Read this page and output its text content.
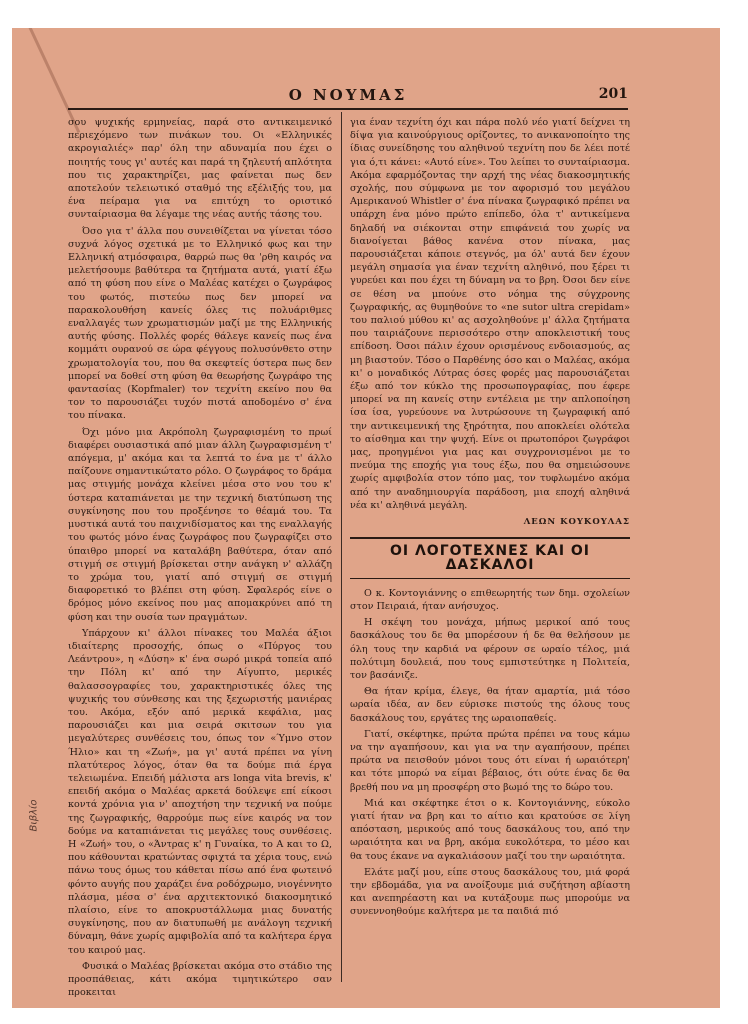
Ο ΝΟΥΜΑΣ	201

σου ψυχικής ερμηνείας, παρά στο αντικειμενικό περιεχόμενο των πινάκων του. Οι «Ελληνικές ακρογιαλιές» παρ' όλη την αδυναμία που έχει ο ποιητής τους γι' αυτές και παρά τη ζηλευτή απλότητα που τις χαρακτηρίζει, μας φαίνεται πως δεν αποτελούν τελειωτικό σταθμό της εξέλιξής του, μα ένα πείραμα για να επιτύχη το οριστικό συνταίριασμα θα λέγαμε της νέας αυτής τάσης του.

Όσο για τ' άλλα που συνειθίζεται να γίνεται τόσο συχνά λόγος σχετικά με το Ελληνικό φως και την Ελληνική ατμόσφαιρα, θαρρώ πως θα 'ρθη καιρός να μελετήσουμε βαθύτερα τα ζητήματα αυτά, γιατί έξω από τη φύση που είνε ο Μαλέας κατέχει ο ζωγράφος του φωτός, πιστεύω πως δεν μπορεί να παρακολουθήση κανείς όλες τις πολυάριθμες εναλλαγές των χρωματισμών μαζί με της Ελληνικής αυτής φύσης. Πολλές φορές θάλεγε κανείς πως ένα κομμάτι ουρανού σε ώρα φέγγους πολυσύνθετο στην χρωματολογία του, που θα σκεφτείς ύστερα πως δεν μπορεί να δοθεί στη φύση θα θεωρήσης ζωγράφο της φαντασίας (Kopfmaler) τον τεχνίτη εκείνο που θα τον το παρουσιάζει τυχόν πιστά αποδομένο σ' ένα του πίνακα.

Όχι μόνο μια Ακρόπολη ζωγραφισμένη το πρωί διαφέρει ουσιαστικά από μιαν άλλη ζωγραφισμένη τ' απόγεμα, μ' ακόμα και τα λεπτά το ένα με τ' άλλο παίζουνε σημαντικώτατο ρόλο. Ο ζωγράφος το δράμα μας στιγμής μονάχα κλείνει μέσα στο νου του κ' ύστερα καταπιάνεται με την τεχνική διατύπωση της συγκίνησης που του προξένησε το θέαμά του. Τα μυστικά αυτά του παιχνιδίσματος και της εναλλαγής του φωτός μόνο ένας ζωγράφος που ζωγραφίζει στο ύπαιθρο μπορεί να καταλάβη βαθύτερα, όταν από στιγμή σε στιγμή βρίσκεται στην ανάγκη ν' αλλάζη το χρώμα του, γιατί από στιγμή σε στιγμή διαφορετικό το βλέπει στη φύση. Σφαλερός είνε ο δρόμος μόνο εκείνος που μας απομακρύνει από τη φύση και την ουσία των πραγμάτων.

Υπάρχουν κι' άλλοι πίνακες του Μαλέα άξιοι ιδιαίτερης προσοχής, όπως ο «Πύργος του Λεάντρου», η «Δύση» κ' ένα σωρό μικρά τοπεία από την Πόλη κι' από την Αίγυπτο, μερικές θαλασσογραφίες του, χαρακτηριστικές όλες της ψυχικής του σύνθεσης και της ξεχωριστής μανιέρας του. Ακόμα, εξόν από μερικά κεφάλια, μας παρουσιάζει και μια σειρά σκιτσων του για μεγαλύτερες συνθέσεις του, όπως τον «Ύμνο στον Ήλιο» και τη «Ζωή», μα γι' αυτά πρέπει να γίνη πλατύτερος λόγος, όταν θα τα δούμε πιά έργα τελειωμένα. Επειδή μάλιστα ars longa vita brevis, κ' επειδή ακόμα ο Μαλέας αρκετά δούλεψε επί είκοσι κοντά χρόνια για ν' αποχτήση την τεχνική να πούμε της ζωγραφικής, θαρρούμε πως είνε καιρός να τον δούμε να καταπιάνεται τις μεγάλες τους συνθέσεις. Η «Ζωή» του, ο «Άντρας κ' η Γυναίκα, το Α και το Ω, που κάθουνται κρατώντας σφιχτά τα χέρια τους, ενώ πάνω τους όμως του κάθεται πίσω από ένα φωτεινό φόντο αυγής που χαράζει ένα ροδόχρωμο, νιογέννητο πλάσμα, μέσα σ' ένα αρχιτεκτονικό διακοσμητικό πλαίσιο, είνε το αποκρυστάλλωμα μιας δυνατής συγκίνησης, που αν διατυπωθή με ανάλογη τεχνική δύναμη, θάνε χωρίς αμφιβολία από τα καλήτερα έργα του καιρού μας.

Φυσικά ο Μαλέας βρίσκεται ακόμα στο στάδιο της προσπάθειας, κάτι ακόμα τιμητικώτερο σαν προκειται

για έναν τεχνίτη όχι και πάρα πολύ νέο γιατί δείχνει τη δίψα για καινούργιους ορίζοντες, το ανικανοποίητο της ίδιας συνείδησης του αληθινού τεχνίτη που δε λέει ποτέ για ό,τι κάνει: «Αυτό είνε». Του λείπει το συνταίριασμα. Ακόμα εφαρμόζοντας την αρχή της νέας διακοσμητικής σχολής, που σύμφωνα με τον αφορισμό του μεγάλου Αμερικανού Whistler σ' ένα πίνακα ζωγραφικό πρέπει να υπάρχη ένα μόνο πρώτο επίπεδο, όλα τ' αντικείμενα δηλαδή να σιέκονται στην επιφάνειά του χωρίς να διανοίγεται βάθος κανένα στον πίνακα, μας παρουσιάζεται κάποιε στεγνός, μα όλ' αυτά δεν έχουν μεγάλη σημασία για έναν τεχνίτη αληθινό, που ξέρει τι γυρεύει και που έχει τη δύναμη να το βρη. Όσοι δεν είνε σε θέση να μπούνε στο νόημα της σύγχρονης ζωγραφικής, ας θυμηθούνε το «ne sutor ultra crepidam» του παλιού μύθου κι' ας ασχοληθούνε μ' άλλα ζητήματα που ταιριάζουνε περισσότερο στην αποκλειστική τους επίδοση. Όσοι πάλιν έχουν ορισμένους ενδοιασμούς, ας μη βιαστούν. Τόσο ο Παρθένης όσο και ο Μαλέας, ακόμα κι' ο μοναδικός Λύτρας όσες φορές μας παρουσιάζεται έξω από τον κύκλο της προσωπογραφίας, που έφερε μπορεί να πη κανείς στην εντέλεια με την απλοποίηση ίσα ίσα, γυρεύουνε να λυτρώσουνε τη ζωγραφική από την αντικειμενική της ξηρότητα, που αποκλείει ολότελα το αίσθημα και την ψυχή. Είνε οι πρωτοπόροι ζωγράφοι μας, προηγμένοι για μας και συγχρονισμένοι με το πνεύμα της εποχής για τους έξω, που θα σημειώσουνε χωρίς αμφιβολία στον τόπο μας, τον τυφλωμένο ακόμα από την αναδημιουργία παράδοση, μια εποχή αληθινά νέα κι' αληθινά μεγάλη.

ΛΕΩΝ ΚΟΥΚΟΥΛΑΣ
ΟΙ ΛΟΓΟΤΕΧΝΕΣ ΚΑΙ ΟΙ ΔΑΣΚΑΛΟΙ

Ο κ. Κοντογιάννης ο επιθεωρητής των δημ. σχολείων στον Πειραιά, ήταν ανήσυχος.

Η σκέψη του μονάχα, μήπως μερικοί από τους δασκάλους του δε θα μπορέσουν ή δε θα θελήσουν με όλη τους την καρδιά να φέρουν σε ωραίο τέλος, μιά πολύτιμη δουλειά, που τους εμπιστεύτηκε η Πολιτεία, τον βασάνιζε.

Θα ήταν κρίμα, έλεγε, θα ήταν αμαρτία, μιά τόσο ωραία ιδέα, αν δεν εύρισκε πιστούς της όλους τους δασκάλους του, εργάτες της ωραιοπαθείς.

Γιατί, σκέφτηκε, πρώτα πρώτα πρέπει να τους κάμω να την αγαπήσουν, και για να την αγαπήσουν, πρέπει πρώτα να πεισθούν μόνοι τους ότι είναι ή ωραιότερη' και τότε μπορώ να είμαι βέβαιος, ότι ούτε ένας δε θα βρεθή που να μη προσφέρη στο βωμό της το δώρο του.

Μιά και σκέφτηκε έτσι ο κ. Κοντογιάννης, εύκολο γιατί ήταν να βρη και το αίτιο και κρατούσε σε λίγη απόσταση, μερικούς από τους δασκάλους του, από την ωραιότητα και να βρη, ακόμα ευκολότερα, το μέσο και θα τους έκανε να αγκαλιάσουν μαζί του την ωραιότητα.

Ελάτε μαζί μου, είπε στους δασκάλους του, μιά φορά την εβδομάδα, για να ανοίξουμε μιά συζήτηση αβίαστη και ανεπηρέαστη και να κυτάξουμε πως μπορούμε να συνεννοηθούμε καλήτερα με τα παιδιά πιό

Βιβλίο
